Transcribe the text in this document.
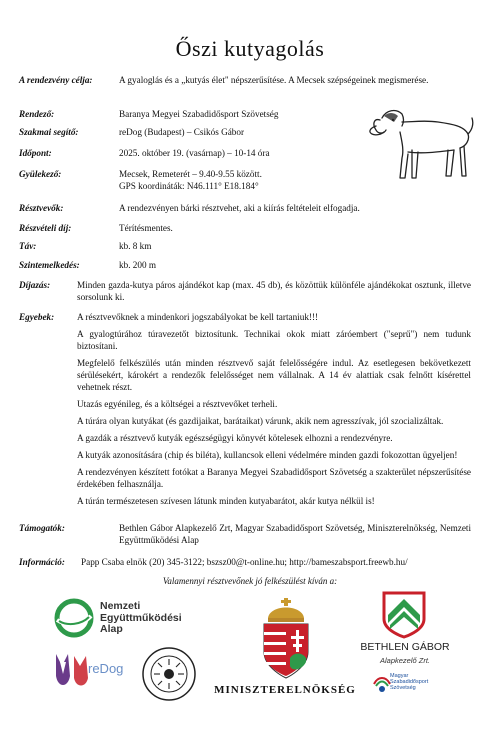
Őszi kutyagolás
A rendezvény célja:	A gyaloglás és a „kutyás élet" népszerűsítése. A Mecsek szépségeinek megismerése.
Rendező:	Baranya Megyei Szabadidősport Szövetség
Szakmai segítő:	reDog (Budapest) – Csikós Gábor
Időpont:	2025. október 19. (vasárnap) – 10-14 óra
Gyülekező:	Mecsek, Remeterét – 9.40-9.55 között.
GPS koordináták: N46.111° E18.184°
Résztvevők:	A rendezvényen bárki résztvehet, aki a kiírás feltételeit elfogadja.
Részvételi díj:	Térítésmentes.
Táv:	kb. 8 km
Szintemelkedés:	kb. 200 m
Díjazás:	Minden gazda-kutya páros ajándékot kap (max. 45 db), és közöttük különféle ajándékokat osztunk, illetve sorsolunk ki.
Egyebek: A résztvevőknek a mindenkori jogszabályokat be kell tartaniuk!!!

A gyalogtúrához túravezetőt biztosítunk. Technikai okok miatt záróembert ("seprű") nem tudunk biztosítani.

Megfelelő felkészülés után minden résztvevő saját felelősségére indul. Az esetlegesen bekövetkezett sérülésekért, károkért a rendezők felelősséget nem vállalnak. A 14 év alattiak csak felnőtt kísérettel vehetnek részt.

Utazás egyénileg, és a költségei a résztvevőket terheli.

A túrára olyan kutyákat (és gazdijaikat, barátaikat) várunk, akik nem agresszívak, jól szocializáltak.

A gazdák a résztvevő kutyák egészségügyi könyvét kötelesek elhozni a rendezvényre.

A kutyák azonosítására (chip és biléta), kullancsok elleni védelmére minden gazdi fokozottan ügyeljen!

A rendezvényen készített fotókat a Baranya Megyei Szabadidősport Szövetség a szakterület népszerűsítése érdekében felhasználja.

A túrán természetesen szívesen látunk minden kutyabarátot, akár kutya nélkül is!

Támogatók:	Bethlen Gábor Alapkezelő Zrt, Magyar Szabadidősport Szövetség, Miniszterelnökség, Nemzeti Együttműködési Alap
Információ: Papp Csaba elnök (20) 345-3122; bszsz00@t-online.hu; http://bameszabsport.freewb.hu/
Valamennyi résztvevőnek jó felkészülést kíván a:
Nemzeti
Együttműködési
Alap
reDog
MINISZTERELNÖKSÉG
BETHLEN GÁBOR
Alapkezelő Zrt.
Magyar
Szabadidősport
Szövetség
